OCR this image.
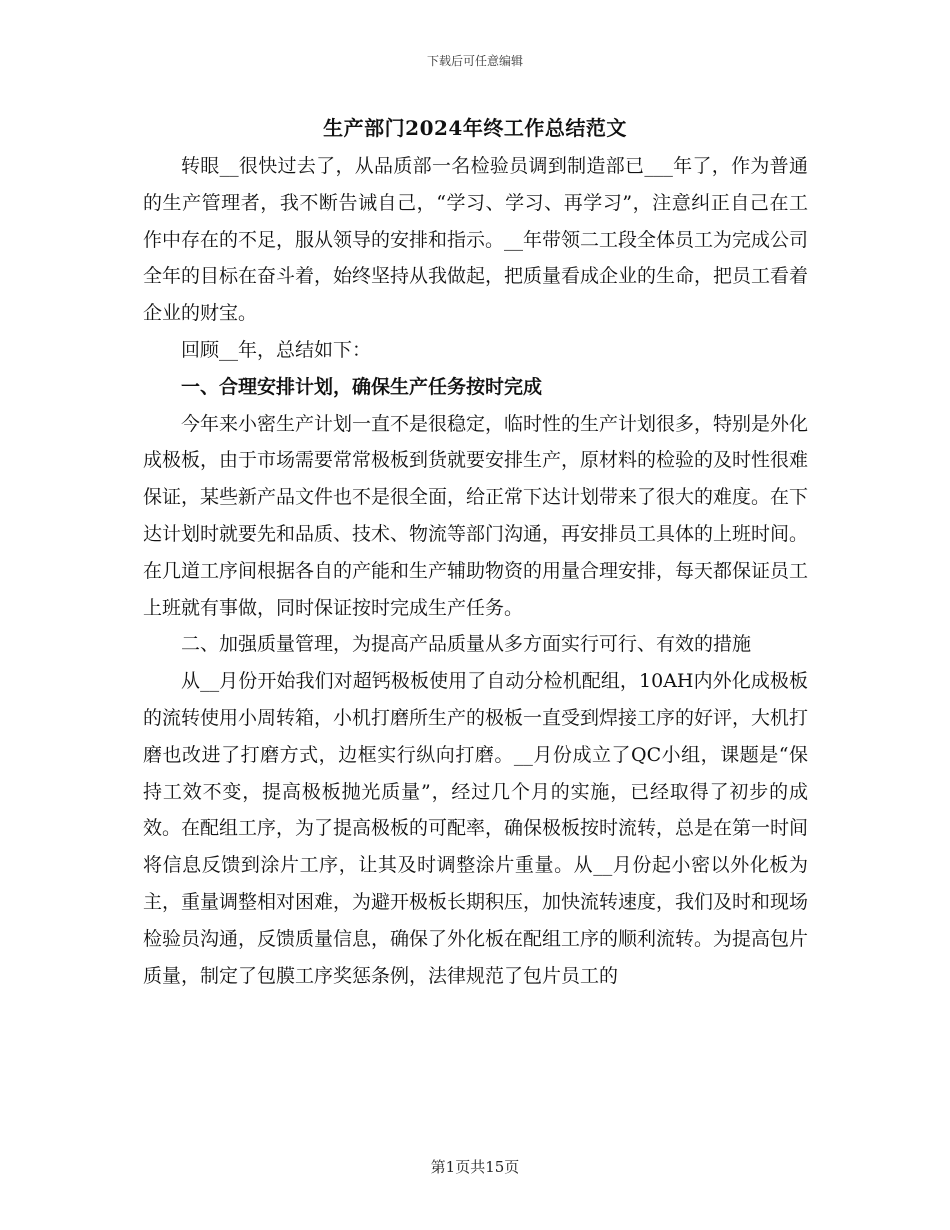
下载后可任意编辑
生产部门2024年终工作总结范文

转眼__很快过去了，从品质部一名检验员调到制造部已___年了，作为普通的生产管理者，我不断告诫自己，“学习、学习、再学习”，注意纠正自己在工作中存在的不足，服从领导的安排和指示。__年带领二工段全体员工为完成公司全年的目标在奋斗着，始终坚持从我做起，把质量看成企业的生命，把员工看着企业的财宝。

回顾__年，总结如下：

一、合理安排计划，确保生产任务按时完成

今年来小密生产计划一直不是很稳定，临时性的生产计划很多，特别是外化成极板，由于市场需要常常极板到货就要安排生产，原材料的检验的及时性很难保证，某些新产品文件也不是很全面，给正常下达计划带来了很大的难度。在下达计划时就要先和品质、技术、物流等部门沟通，再安排员工具体的上班时间。在几道工序间根据各自的产能和生产辅助物资的用量合理安排，每天都保证员工上班就有事做，同时保证按时完成生产任务。

二、加强质量管理，为提高产品质量从多方面实行可行、有效的措施

从__月份开始我们对超钙极板使用了自动分检机配组，10AH内外化成极板的流转使用小周转箱，小机打磨所生产的极板一直受到焊接工序的好评，大机打磨也改进了打磨方式，边框实行纵向打磨。__月份成立了QC小组，课题是“保持工效不变，提高极板抛光质量”，经过几个月的实施，已经取得了初步的成效。在配组工序，为了提高极板的可配率，确保极板按时流转，总是在第一时间将信息反馈到涂片工序，让其及时调整涂片重量。从__月份起小密以外化板为主，重量调整相对困难，为避开极板长期积压，加快流转速度，我们及时和现场检验员沟通，反馈质量信息，确保了外化板在配组工序的顺利流转。为提高包片质量，制定了包膜工序奖惩条例，法律规范了包片员工的

第1页共15页
